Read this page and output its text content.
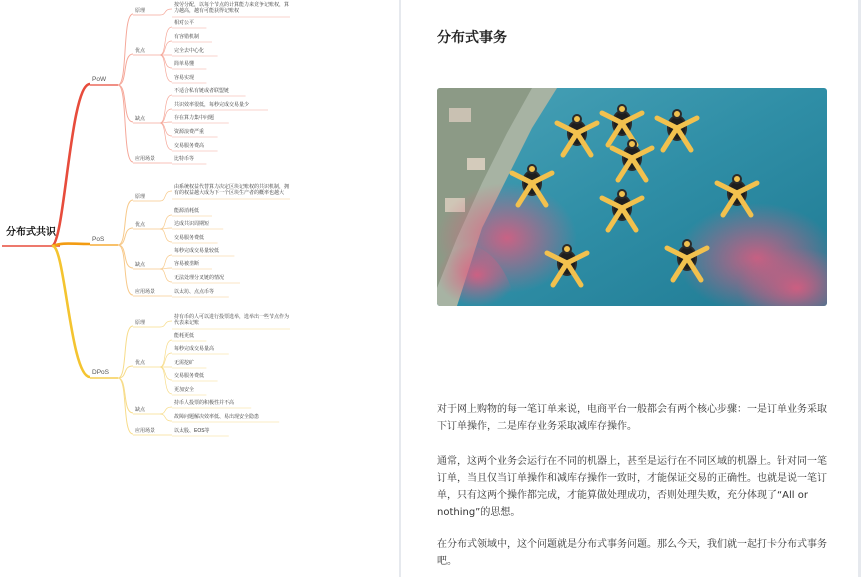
分布式共识
PoW
原理
按劳分配，以每个节点的计算能力来竞争记账权，算力越高，越有可能获得记账权
优点
相对公平
有容错机制
完全去中心化
简单易懂
容易实现
缺点
不适合私有链或者联盟链
共识效率很低，每秒完成交易量少
存在算力集中问题
资源浪费严重
交易服务费高
应用场景	比特币等
PoS
原理
由系统权益代替算力决定区块记账权的共识机制，拥有的权益越大成为下一个区块生产者的概率也越大
优点
能源消耗低
达成共识周期短
交易服务费低
缺点
每秒完成交易量较低
容易被垄断
无法处理分叉链的情况
应用场景	以太坊、点点币等
DPoS
原理
持有币的人可以进行投票选举，选举出一些节点作为代表来记账
优点
能耗更低
每秒完成交易量高
无需挖矿
交易服务费低
更加安全
缺点
持币人投票的积极性并不高
故障问题解决效率低、易出现安全隐患
应用场景	以太股、EOS等
分布式事务
对于网上购物的每一笔订单来说，电商平台一般都会有两个核心步骤：一是订单业务采取下订单操作，二是库存业务采取减库存操作。
通常，这两个业务会运行在不同的机器上，甚至是运行在不同区域的机器上。针对同一笔订单，当且仅当订单操作和减库存操作一致时，才能保证交易的正确性。也就是说一笔订单，只有这两个操作都完成，才能算做处理成功，否则处理失败，充分体现了“All or nothing”的思想。
在分布式领域中，这个问题就是分布式事务问题。那么今天，我们就一起打卡分布式事务吧。
